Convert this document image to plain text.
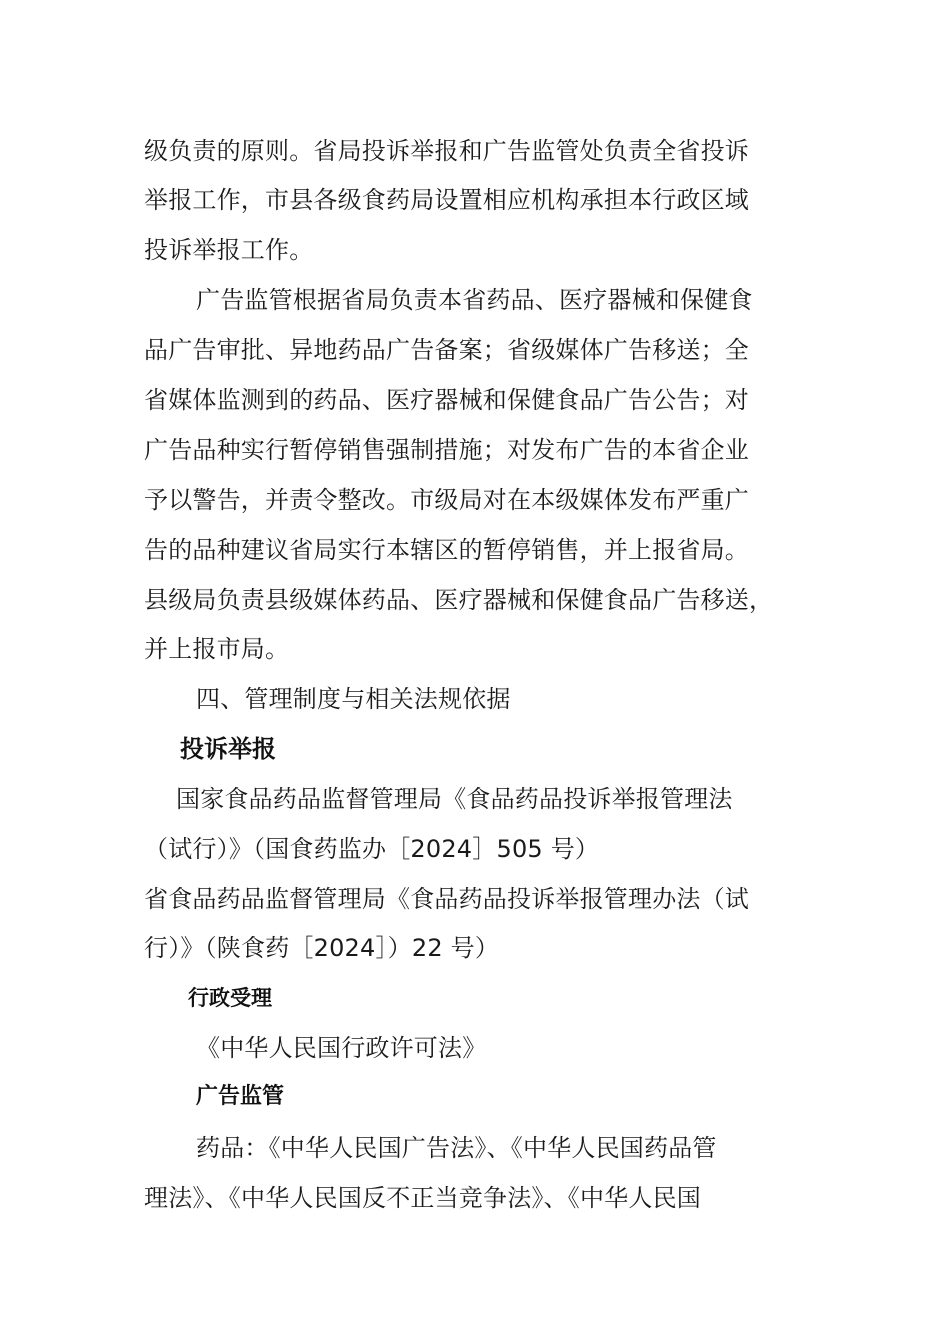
级负责的原则。省局投诉举报和广告监管处负责全省投诉
举报工作，市县各级食药局设置相应机构承担本行政区域
投诉举报工作。
广告监管根据省局负责本省药品、医疗器械和保健食
品广告审批、异地药品广告备案；省级媒体广告移送；全
省媒体监测到的药品、医疗器械和保健食品广告公告；对
广告品种实行暂停销售强制措施；对发布广告的本省企业
予以警告，并责令整改。市级局对在本级媒体发布严重广
告的品种建议省局实行本辖区的暂停销售，并上报省局。
县级局负责县级媒体药品、医疗器械和保健食品广告移送，
并上报市局。
四、管理制度与相关法规依据
投诉举报
国家食品药品监督管理局《食品药品投诉举报管理法
（试行）》（国食药监办［2024］505 号）
省食品药品监督管理局《食品药品投诉举报管理办法（试
行）》（陕食药［2024］）22 号）
行政受理
《中华人民国行政许可法》
广告监管
药品：《中华人民国广告法》、《中华人民国药品管
理法》、《中华人民国反不正当竞争法》、《中华人民国
